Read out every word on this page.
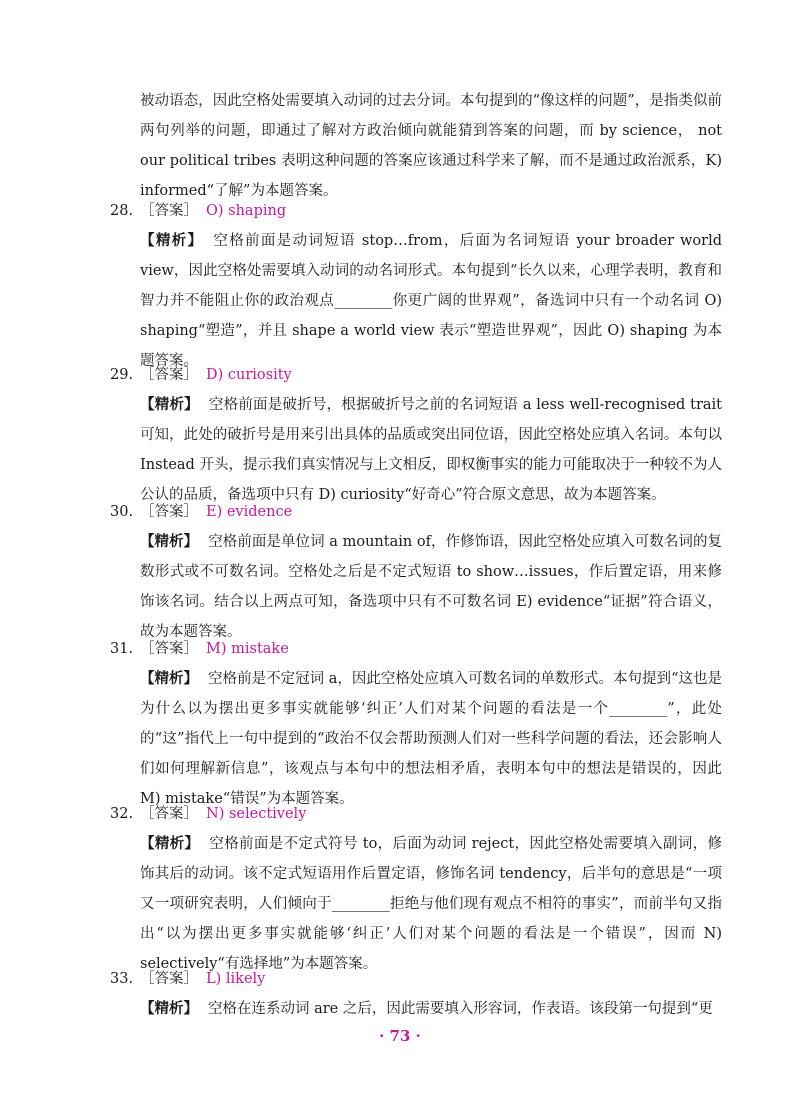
被动语态，因此空格处需要填入动词的过去分词。本句提到的“像这样的问题”，是指类似前两句列举的问题，即通过了解对方政治倾向就能猜到答案的问题，而 by science， not our political tribes 表明这种问题的答案应该通过科学来了解，而不是通过政治派系，K) informed“了解”为本题答案。
28. ［答案］ O) shaping
【精析】 空格前面是动词短语 stop…from，后面为名词短语 your broader world view，因此空格处需要填入动词的动名词形式。本句提到“长久以来，心理学表明，教育和智力并不能阻止你的政治观点________你更广阔的世界观”，备选词中只有一个动名词 O) shaping“塑造”，并且 shape a world view 表示“塑造世界观”，因此 O) shaping 为本题答案。
29. ［答案］ D) curiosity
【精析】 空格前面是破折号，根据破折号之前的名词短语 a less well-recognised trait 可知，此处的破折号是用来引出具体的品质或突出同位语，因此空格处应填入名词。本句以 Instead 开头，提示我们真实情况与上文相反，即权衡事实的能力可能取决于一种较不为人公认的品质，备选项中只有 D) curiosity“好奇心”符合原文意思，故为本题答案。
30. ［答案］ E) evidence
【精析】 空格前面是单位词 a mountain of，作修饰语，因此空格处应填入可数名词的复数形式或不可数名词。空格处之后是不定式短语 to show…issues，作后置定语，用来修饰该名词。结合以上两点可知，备选项中只有不可数名词 E) evidence“证据”符合语义，故为本题答案。
31. ［答案］ M) mistake
【精析】 空格前是不定冠词 a，因此空格处应填入可数名词的单数形式。本句提到“这也是为什么以为摆出更多事实就能够‘纠正’人们对某个问题的看法是一个________”，此处的“这”指代上一句中提到的“政治不仅会帮助预测人们对一些科学问题的看法，还会影响人们如何理解新信息”，该观点与本句中的想法相矛盾，表明本句中的想法是错误的，因此 M) mistake“错误”为本题答案。
32. ［答案］ N) selectively
【精析】 空格前面是不定式符号 to，后面为动词 reject，因此空格处需要填入副词，修饰其后的动词。该不定式短语用作后置定语，修饰名词 tendency，后半句的意思是“一项又一项研究表明，人们倾向于________拒绝与他们现有观点不相符的事实”，而前半句又指出“以为摆出更多事实就能够‘纠正’人们对某个问题的看法是一个错误”，因而 N) selectively“有选择地”为本题答案。
33. ［答案］ L) likely
【精析】 空格在连系动词 are 之后，因此需要填入形容词，作表语。该段第一句提到“更
· 73 ·
